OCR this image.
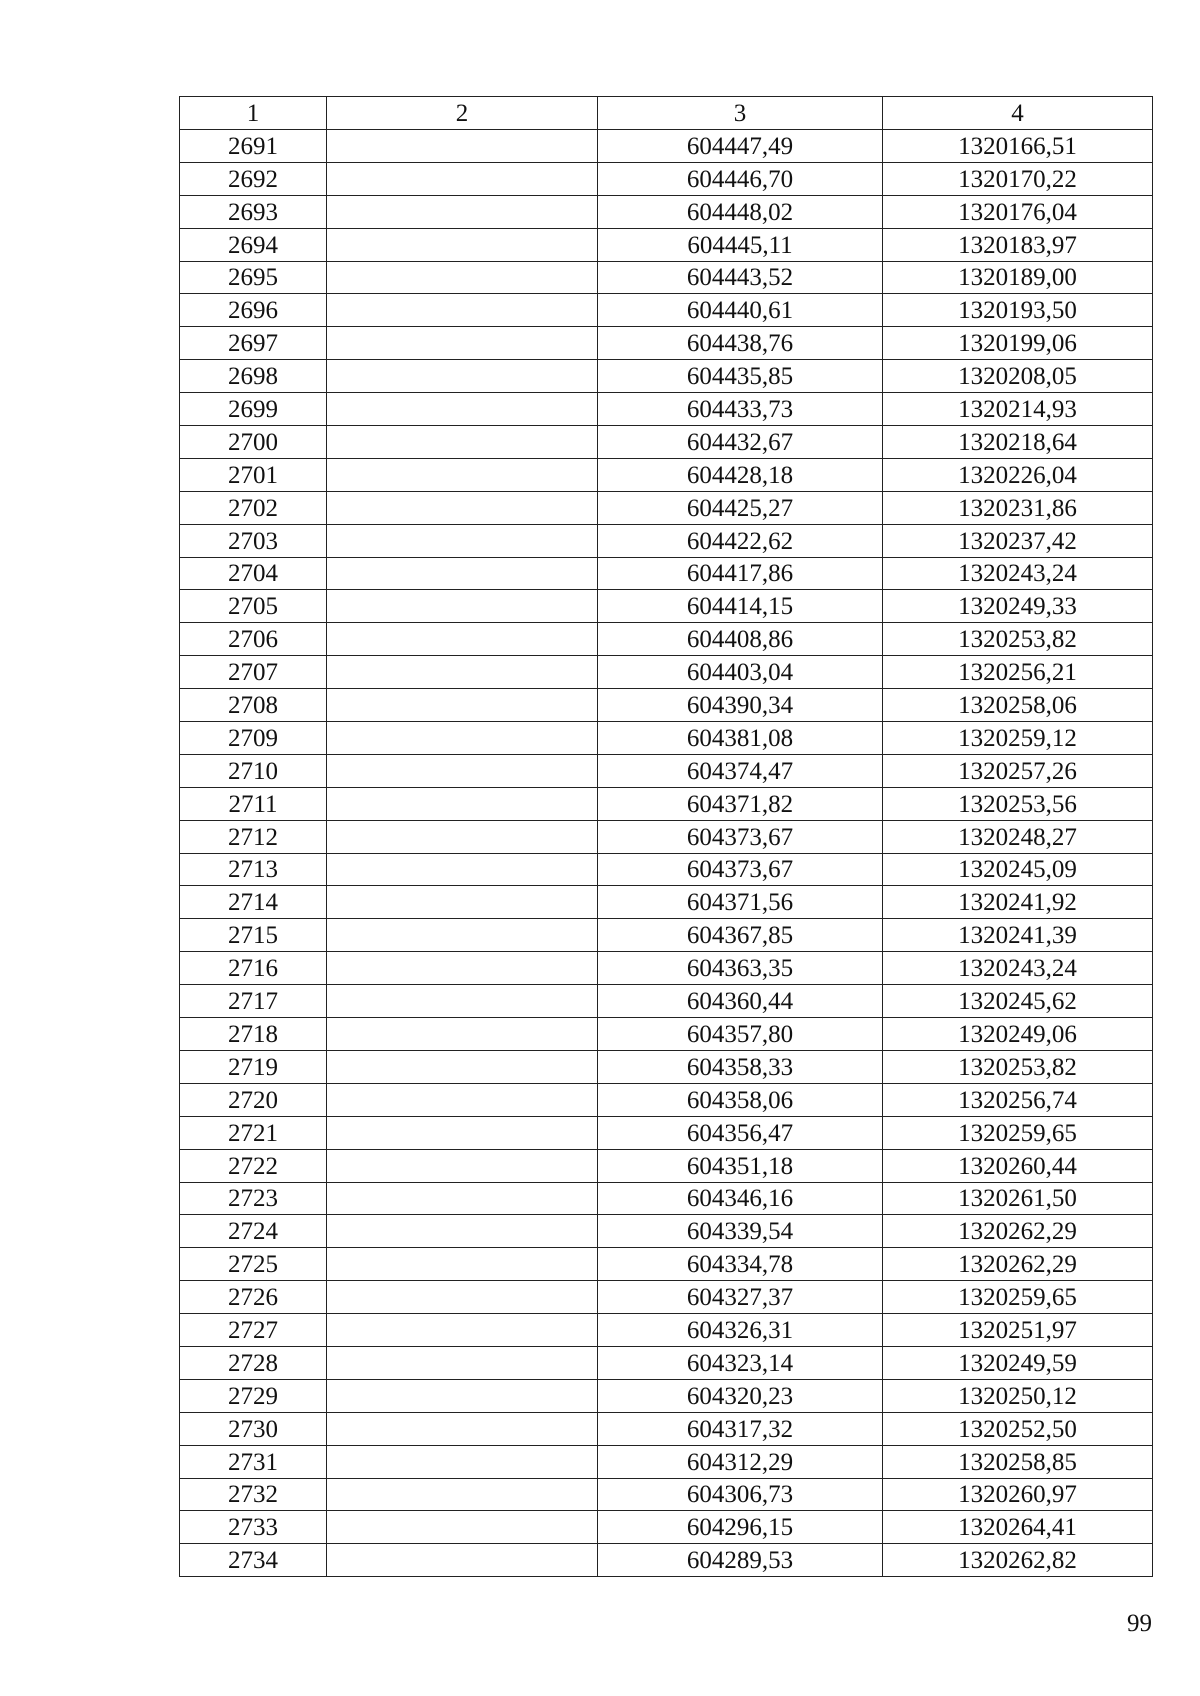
1	2	3	4
2691		604447,49	1320166,51
2692		604446,70	1320170,22
2693		604448,02	1320176,04
2694		604445,11	1320183,97
2695		604443,52	1320189,00
2696		604440,61	1320193,50
2697		604438,76	1320199,06
2698		604435,85	1320208,05
2699		604433,73	1320214,93
2700		604432,67	1320218,64
2701		604428,18	1320226,04
2702		604425,27	1320231,86
2703		604422,62	1320237,42
2704		604417,86	1320243,24
2705		604414,15	1320249,33
2706		604408,86	1320253,82
2707		604403,04	1320256,21
2708		604390,34	1320258,06
2709		604381,08	1320259,12
2710		604374,47	1320257,26
2711		604371,82	1320253,56
2712		604373,67	1320248,27
2713		604373,67	1320245,09
2714		604371,56	1320241,92
2715		604367,85	1320241,39
2716		604363,35	1320243,24
2717		604360,44	1320245,62
2718		604357,80	1320249,06
2719		604358,33	1320253,82
2720		604358,06	1320256,74
2721		604356,47	1320259,65
2722		604351,18	1320260,44
2723		604346,16	1320261,50
2724		604339,54	1320262,29
2725		604334,78	1320262,29
2726		604327,37	1320259,65
2727		604326,31	1320251,97
2728		604323,14	1320249,59
2729		604320,23	1320250,12
2730		604317,32	1320252,50
2731		604312,29	1320258,85
2732		604306,73	1320260,97
2733		604296,15	1320264,41
2734		604289,53	1320262,82
99
